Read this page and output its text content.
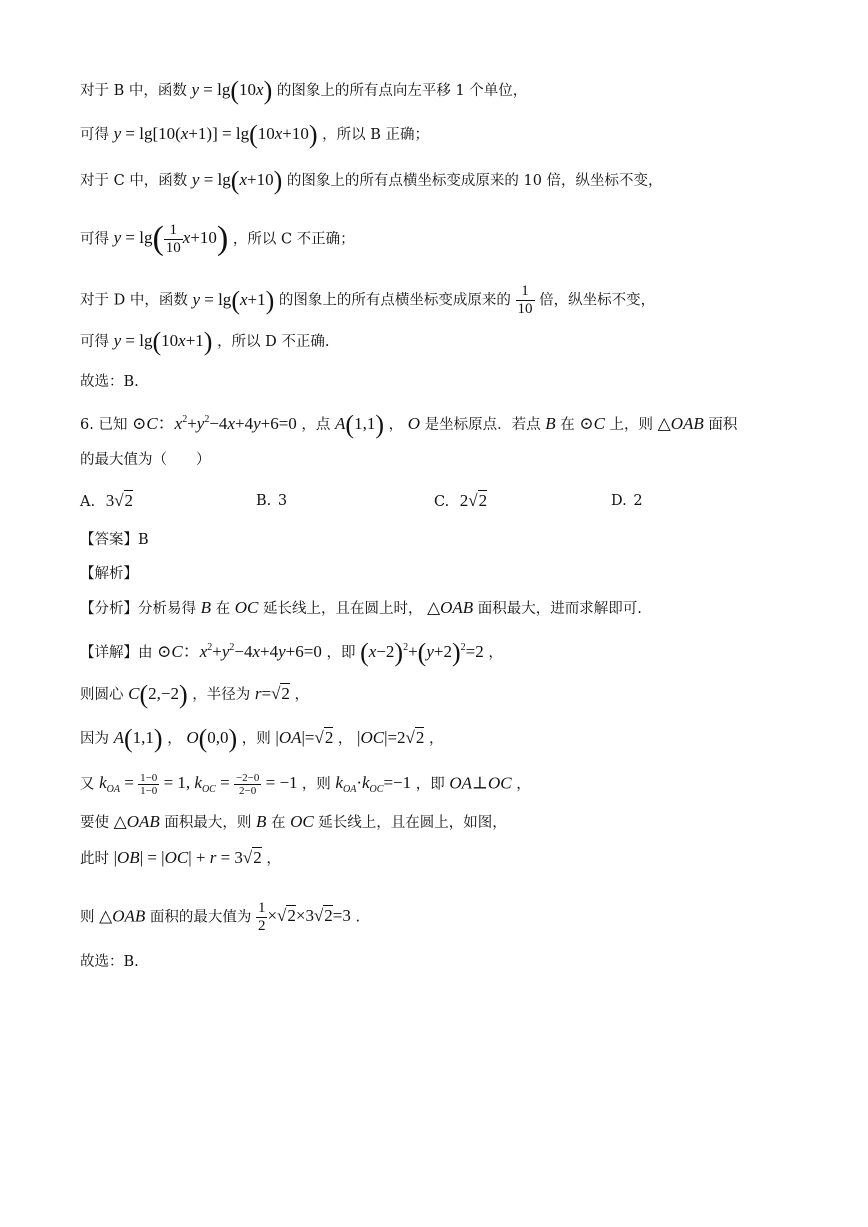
对于 B 中，函数 y = lg(10x) 的图象上的所有点向左平移 1 个单位，
可得 y = lg[10(x+1)] = lg(10x+10) ，所以 B 正确；
对于 C 中，函数 y = lg(x+10) 的图象上的所有点横坐标变成原来的 10 倍，纵坐标不变，
可得 $y = \lg( \frac{1}{10} x+10)$ ，所以 C 不正确；
对于 D 中，函数 y = lg(x+1) 的图象上的所有点横坐标变成原来的 $\frac{1}{10}$ 倍，纵坐标不变，
可得 y = lg(10x+1) ，所以 D 不正确.
故选：B.
6. 已知 ⊙C：$x^2+y^2-4x+4y+6=0$ ，点 A(1,1) ， O 是坐标原点．若点 B 在 ⊙C 上，则 △OAB 面积
的最大值为（　　）
A. 3√2	B. 3	C. 2√2	D. 2
【答案】B
【解析】
【分析】分析易得 B 在 OC 延长线上，且在圆上时， △OAB 面积最大，进而求解即可.
【详解】由 ⊙C：$x^2+y^2-4x+4y+6=0$ ，即 $(x-2)^2+(y+2)^2=2$ ，
则圆心 C(2,−2) ，半径为 r=√2 ，
因为 A(1,1) ， O(0,0) ，则 |OA|=√2 ， |OC|=2√2 ，
又 $k_{OA} = \frac{1-0}{1-0} = 1$, $k_{OC} = \frac{-2-0}{2-0} = -1$ ，则 $k_{OA}\cdot k_{OC}=-1$ ，即 OA⊥OC ，
要使 △OAB 面积最大，则 B 在 OC 延长线上，且在圆上，如图，
此时 |OB| = |OC| + r = 3√2 ，
则 △OAB 面积的最大值为 $\frac{1}{2} \times√2\times 3√2=3$ .
故选：B.
